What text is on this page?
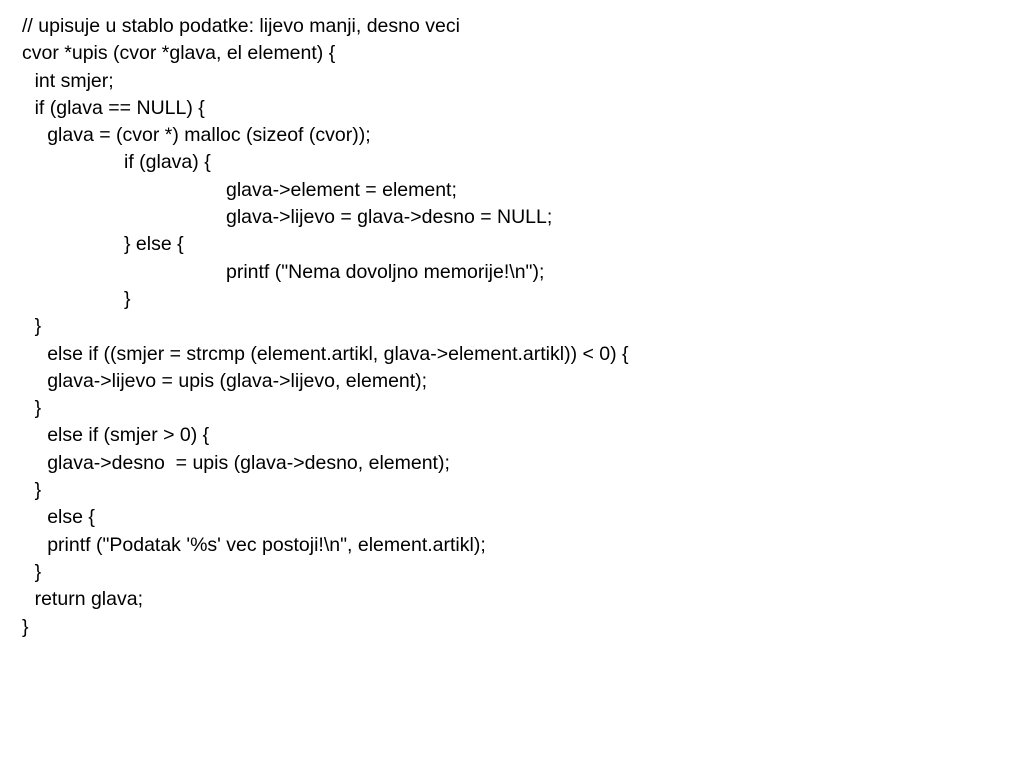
// upisuje u stablo podatke: lijevo manji, desno veci
cvor *upis (cvor *glava, el element) {
int smjer;
if (glava == NULL) {
glava = (cvor *) malloc (sizeof (cvor));
if (glava) {
glava->element = element;
glava->lijevo = glava->desno = NULL;
} else {
printf ("Nema dovoljno memorije!\n");
}
}
else if ((smjer = strcmp (element.artikl, glava->element.artikl)) < 0) {
glava->lijevo = upis (glava->lijevo, element);
}
else if (smjer > 0) {
glava->desno  = upis (glava->desno, element);
}
else {
printf ("Podatak '%s' vec postoji!\n", element.artikl);
}
return glava;
}
